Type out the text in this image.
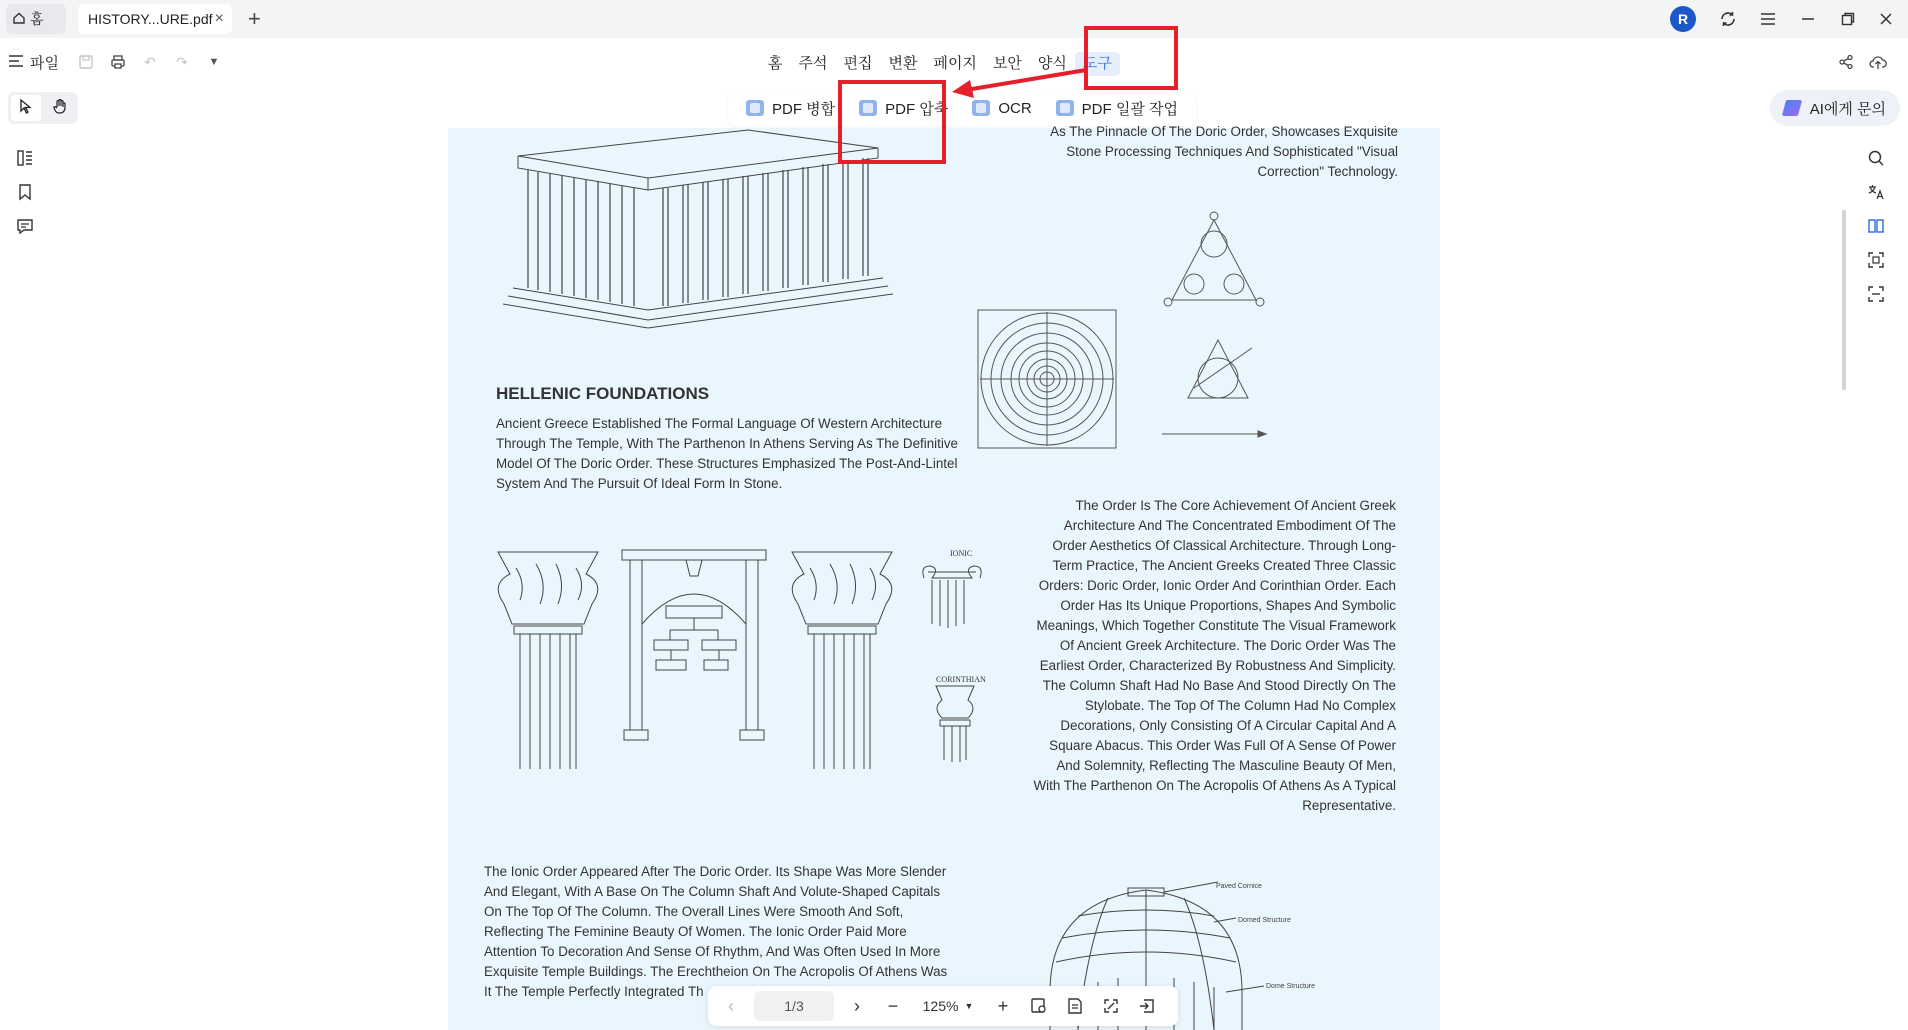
홈	HISTORY...URE.pdf × +	R
파일	↶ ↷	▼	홈	주석	편집	변환	페이지	보안	양식	도구
PDF 병합	PDF 압축	OCR	PDF 일괄 작업	AI에게 문의
As The Pinnacle Of The Doric Order, Showcases Exquisite Stone Processing Techniques And Sophisticated "Visual Correction" Technology.
HELLENIC FOUNDATIONS
Ancient Greece Established The Formal Language Of Western Architecture Through The Temple, With The Parthenon In Athens Serving As The Definitive Model Of The Doric Order. These Structures Emphasized The Post-And-Lintel System And The Pursuit Of Ideal Form In Stone.
The Order Is The Core Achievement Of Ancient Greek Architecture And The Concentrated Embodiment Of The Order Aesthetics Of Classical Architecture. Through Long-Term Practice, The Ancient Greeks Created Three Classic Orders: Doric Order, Ionic Order And Corinthian Order. Each Order Has Its Unique Proportions, Shapes And Symbolic Meanings, Which Together Constitute The Visual Framework Of Ancient Greek Architecture. The Doric Order Was The Earliest Order, Characterized By Robustness And Simplicity. The Column Shaft Had No Base And Stood Directly On The Stylobate. The Top Of The Column Had No Complex Decorations, Only Consisting Of A Circular Capital And A Square Abacus. This Order Was Full Of A Sense Of Power And Solemnity, Reflecting The Masculine Beauty Of Men, With The Parthenon On The Acropolis Of Athens As A Typical Representative.
IONIC
CORINTHIAN
The Ionic Order Appeared After The Doric Order. Its Shape Was More Slender And Elegant, With A Base On The Column Shaft And Volute-Shaped Capitals On The Top Of The Column. The Overall Lines Were Smooth And Soft, Reflecting The Feminine Beauty Of Women. The Ionic Order Paid More Attention To Decoration And Sense Of Rhythm, And Was Often Used In More Exquisite Temple Buildings. The Erechtheion On The Acropolis Of Athens Was It The Temple Perfectly Integrated Th
Paved Cornice
Domed Structure
Dome Structure
‹	1/3	›	−	125% ▼	+
